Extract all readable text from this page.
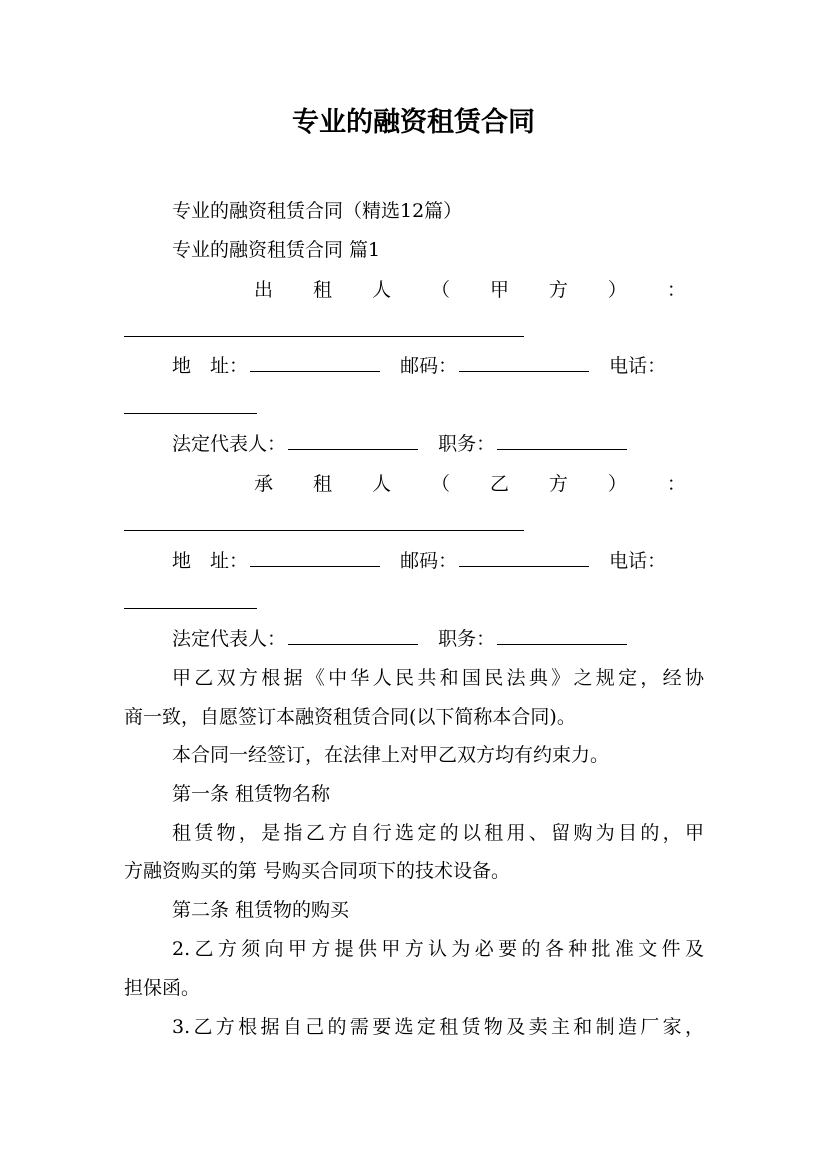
专业的融资租赁合同
专业的融资租赁合同（精选12篇）
专业的融资租赁合同 篇1
出 租 人 （ 甲 方 ） ：
地　址：	邮码：	电话：
法定代表人：	职务：
承 租 人 （ 乙 方 ） ：
地　址：	邮码：	电话：
法定代表人：	职务：
甲乙双方根据《中华人民共和国民法典》之规定，经协
商一致，自愿签订本融资租赁合同(以下简称本合同)。
本合同一经签订，在法律上对甲乙双方均有约束力。
第一条 租赁物名称
租赁物，是指乙方自行选定的以租用、留购为目的，甲
方融资购买的第 号购买合同项下的技术设备。
第二条 租赁物的购买
2.乙方须向甲方提供甲方认为必要的各种批准文件及
担保函。
3.乙方根据自己的需要选定租赁物及卖主和制造厂家，
